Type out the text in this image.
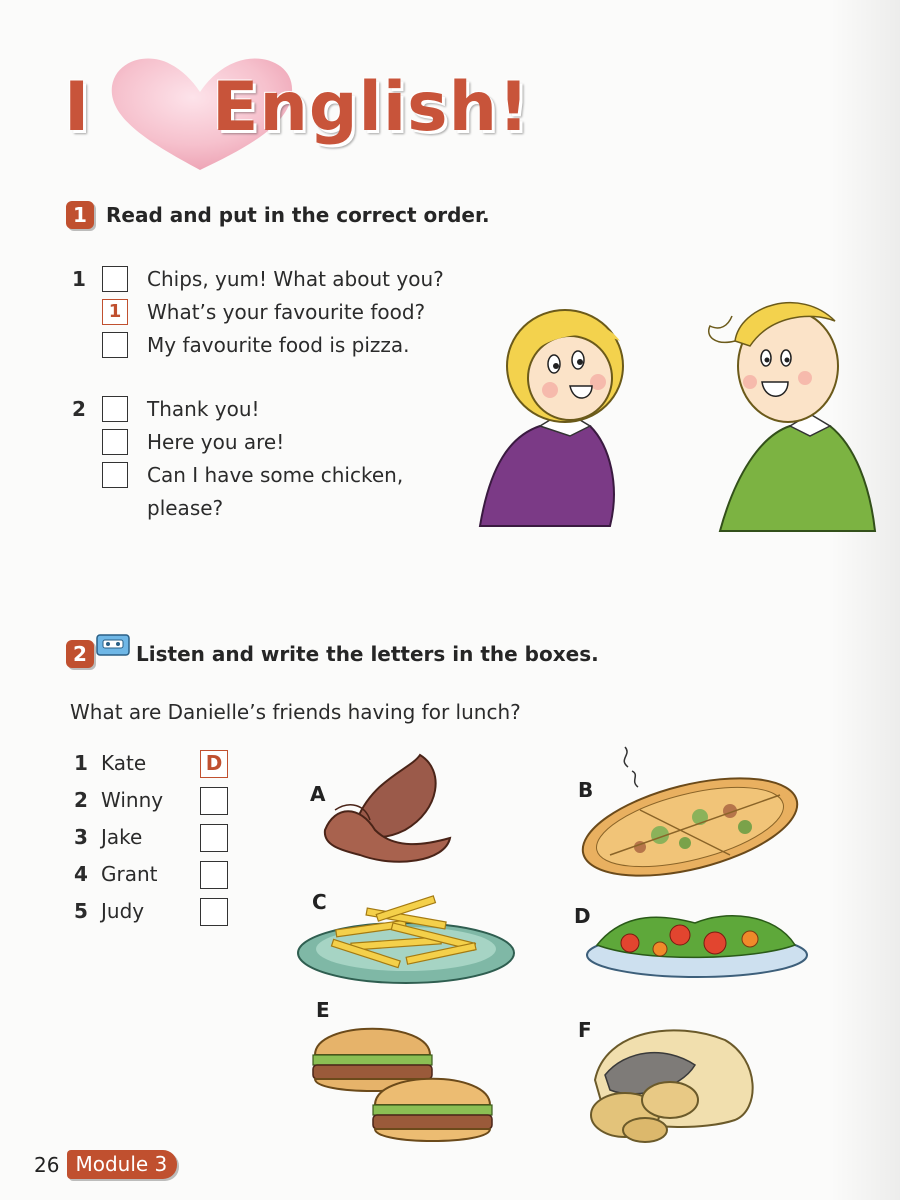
I English!
1 Read and put in the correct order.
1	Chips, yum! What about you?
1	What’s your favourite food?
My favourite food is pizza.
2	Thank you!
Here you are!
Can I have some chicken,
please?
2	Listen and write the letters in the boxes.
What are Danielle’s friends having for lunch?
1 Kate	D
2 Winny
3 Jake
4 Grant
5 Judy
A	B
C
D
E
F
26 Module 3
